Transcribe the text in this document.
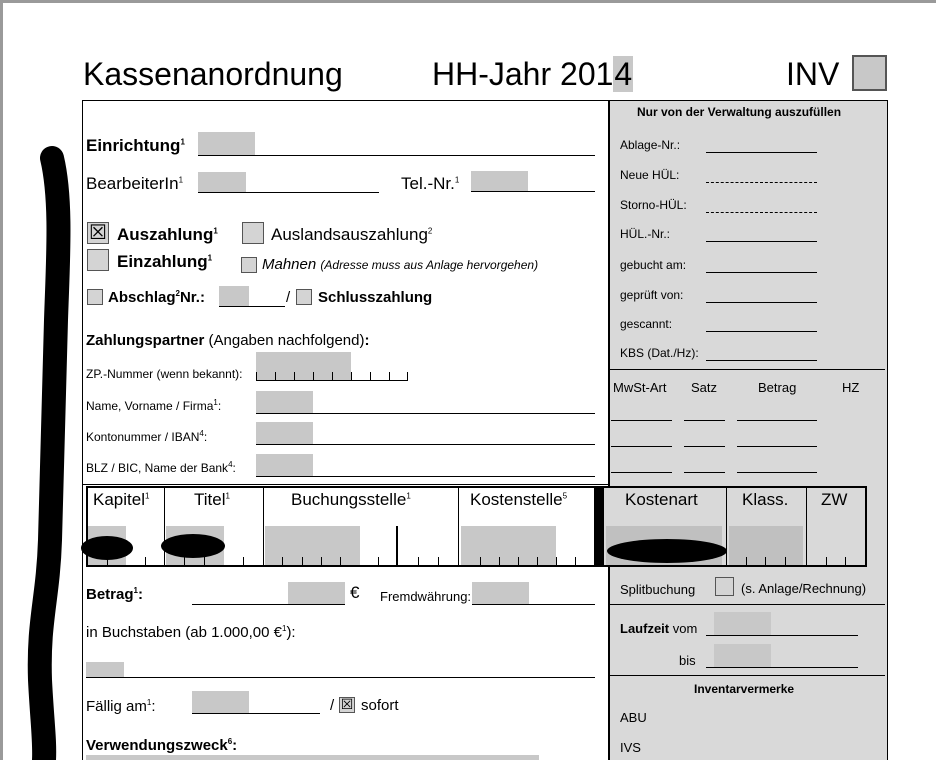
Kassenanordnung	HH-Jahr 2014	INV
Einrichtung$^1$
BearbeiterIn$^1$	Tel.-Nr.$^1$
☒ Auszahlung$^1$	Auslandsauszahlung$^2$
Einzahlung$^1$	Mahnen (Adresse muss aus Anlage hervorgehen)
Abschlag$^2$Nr.:	/ Schlusszahlung
Zahlungspartner (Angaben nachfolgend):
ZP.-Nummer (wenn bekannt):
Name, Vorname / Firma$^1$:
Kontonummer / IBAN$^4$:
BLZ / BIC, Name der Bank$^4$:
Kapitel$^1$	Titel$^1$	Buchungsstelle$^1$	Kostenstelle$^5$	Kostenart	Klass. ZW
Betrag$^1$:	€ Fremdwährung:
in Buchstaben (ab 1.000,00 €$^1$):
Fällig $am^1$:	/ ☒ sofort
Verwendungszweck$^6$:
Nur von der Verwaltung auszufüllen
Ablage-Nr.:
Neue HÜL:
Storno-HÜL:
HÜL.-Nr.:
gebucht am:
geprüft von:
gescannt:
KBS (Dat./Hz):
MwSt-Art Satz	Betrag	HZ
Splitbuchung	(s. Anlage/Rechnung)
Laufzeit vom
bis
Inventarvermerke
ABU
IVS
